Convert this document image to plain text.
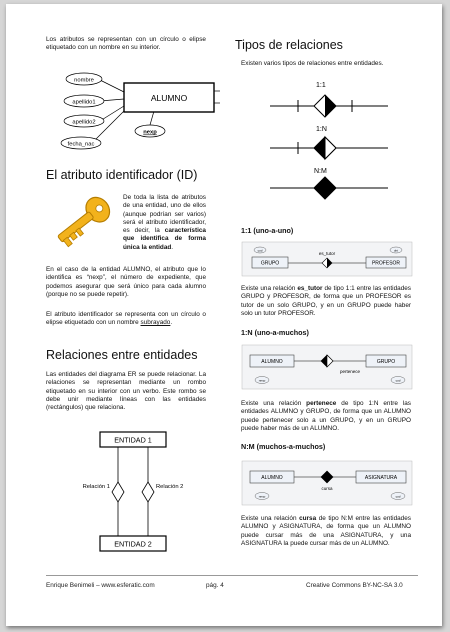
Los atributos se representan con un círculo o elipse etiquetado con un nombre en su interior.
ALUMNO
nombre
apellido1
apellido2
fecha_nac
nexp
El atributo identificador (ID)
De toda la lista de atributos de una entidad, uno de ellos (aunque podrían ser varios) será el atributo identificador, es decir, la característica que identifica de forma única la entidad.
En el caso de la entidad ALUMNO, el atributo que lo identifica es “nexp”, el número de expediente, que podemos asegurar que será único para cada alumno (porque no se puede repetir).
El atributo identificador se representa con un círculo o elipse etiquetado con un nombre subrayado.
Relaciones entre entidades
Las entidades del diagrama ER se puede relacionar. La relaciones se representan mediante un rombo etiquetado en su interior con un verbo. Este rombo se debe unir mediante líneas con las entidades (rectángulos) que relaciona.
ENTIDAD 1
ENTIDAD 2
Relación 1	Relación 2
Tipos de relaciones
Existen varios tipos de relaciones entre entidades.
1:1
1:N
N:M
1:1 (uno-a-uno)
es_tutor
GRUPO	PROFESOR
cod	dni
Existe una relación es_tutor de tipo 1:1 entre las entidades GRUPO y PROFESOR, de forma que un PROFESOR es tutor de un solo GRUPO, y en un GRUPO puede haber solo un tutor PROFESOR.
1:N (uno-a-muchos)
pertenece
ALUMNO	GRUPO
nexp	cod
Existe una relación pertenece de tipo 1:N entre las entidades ALUMNO y GRUPO, de forma que un ALUMNO puede pertenecer solo a un GRUPO, y en un GRUPO puede haber más de un ALUMNO.
N:M (muchos-a-muchos)
cursa
ALUMNO	ASIGNATURA
nexp	cod
Existe una relación cursa de tipo N:M entre las entidades ALUMNO y ASIGNATURA, de forma que un ALUMNO puede cursar más de una ASIGNATURA, y una ASIGNATURA la puede cursar más de un ALUMNO.
Enrique Benimeli – www.esferatic.com	pág. 4	Creative Commons BY-NC-SA 3.0
